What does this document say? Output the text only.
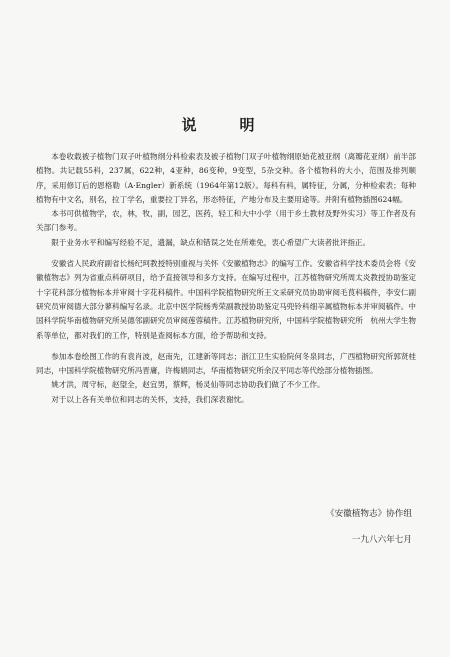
说　明

本卷收载被子植物门双子叶植物纲分科检索表及被子植物门双子叶植物纲原始花被亚纲（离瓣花亚纲）前半部植物。共记载55科，237属，622种，4亚种，86变种，9变型，5杂交种。各个植物科的大小，范围及排列顺序，采用修订后的恩格勒（A·Engler）新系统（1964年第12版）。每科有科，属特征，分属，分种检索表；每种植物有中文名，别名，拉丁学名，重要拉丁异名，形态特征，产地分布及主要用途等。并附有植物插图624幅。

本书可供植物学，农，林，牧，副，园艺，医药，轻工和大中小学（用于乡土教材及野外实习）等工作者及有关部门参考。

限于业务水平和编写经验不足，遗漏，缺点和错误之处在所难免，衷心希望广大读者批评指正。

安徽省人民政府副省长杨纪珂教授特别重视与关怀《安徽植物志》的编写工作。安徽省科学技术委员会将《安徽植物志》列为省重点科研项目，给予直接领导和多方支持。在编写过程中，江苏植物研究所周太炎教授协助鉴定十字花科部分植物标本并审阅十字花科稿件。中国科学院植物研究所王文采研究员协助审阅毛茛科稿件，李安仁副研究员审阅德大部分蓼科编写名录。北京中医学院杨秀荣副教授协助鉴定马兜铃科细辛属植物标本并审阅稿件。中国科学院华南植物研究所吴德邻副研究员审阅莲蓉稿件。江苏植物研究所，中国科学院植物研究所　杭州大学生物系等单位，都对我们的工作，特别是查阅标本方面，给予帮助和支持。

参加本卷绘图工作的有袁肖波，赵南先，江建新等同志；浙江卫生实验院何冬泉同志，广西植物研究所郭贤桂同志，中国科学院植物研究所冯晋庸，许梅娟同志，华南植物研究所余汉平同志等代绘部分植物插图。

姚才洪，周守标，赵望全，赵宜男，蔡辉，杨灵仙等同志协助我们做了不少工作。

对于以上各有关单位和同志的关怀，支持，我们深表谢忱。

《安徽植物志》协作组
一九八六年七月
